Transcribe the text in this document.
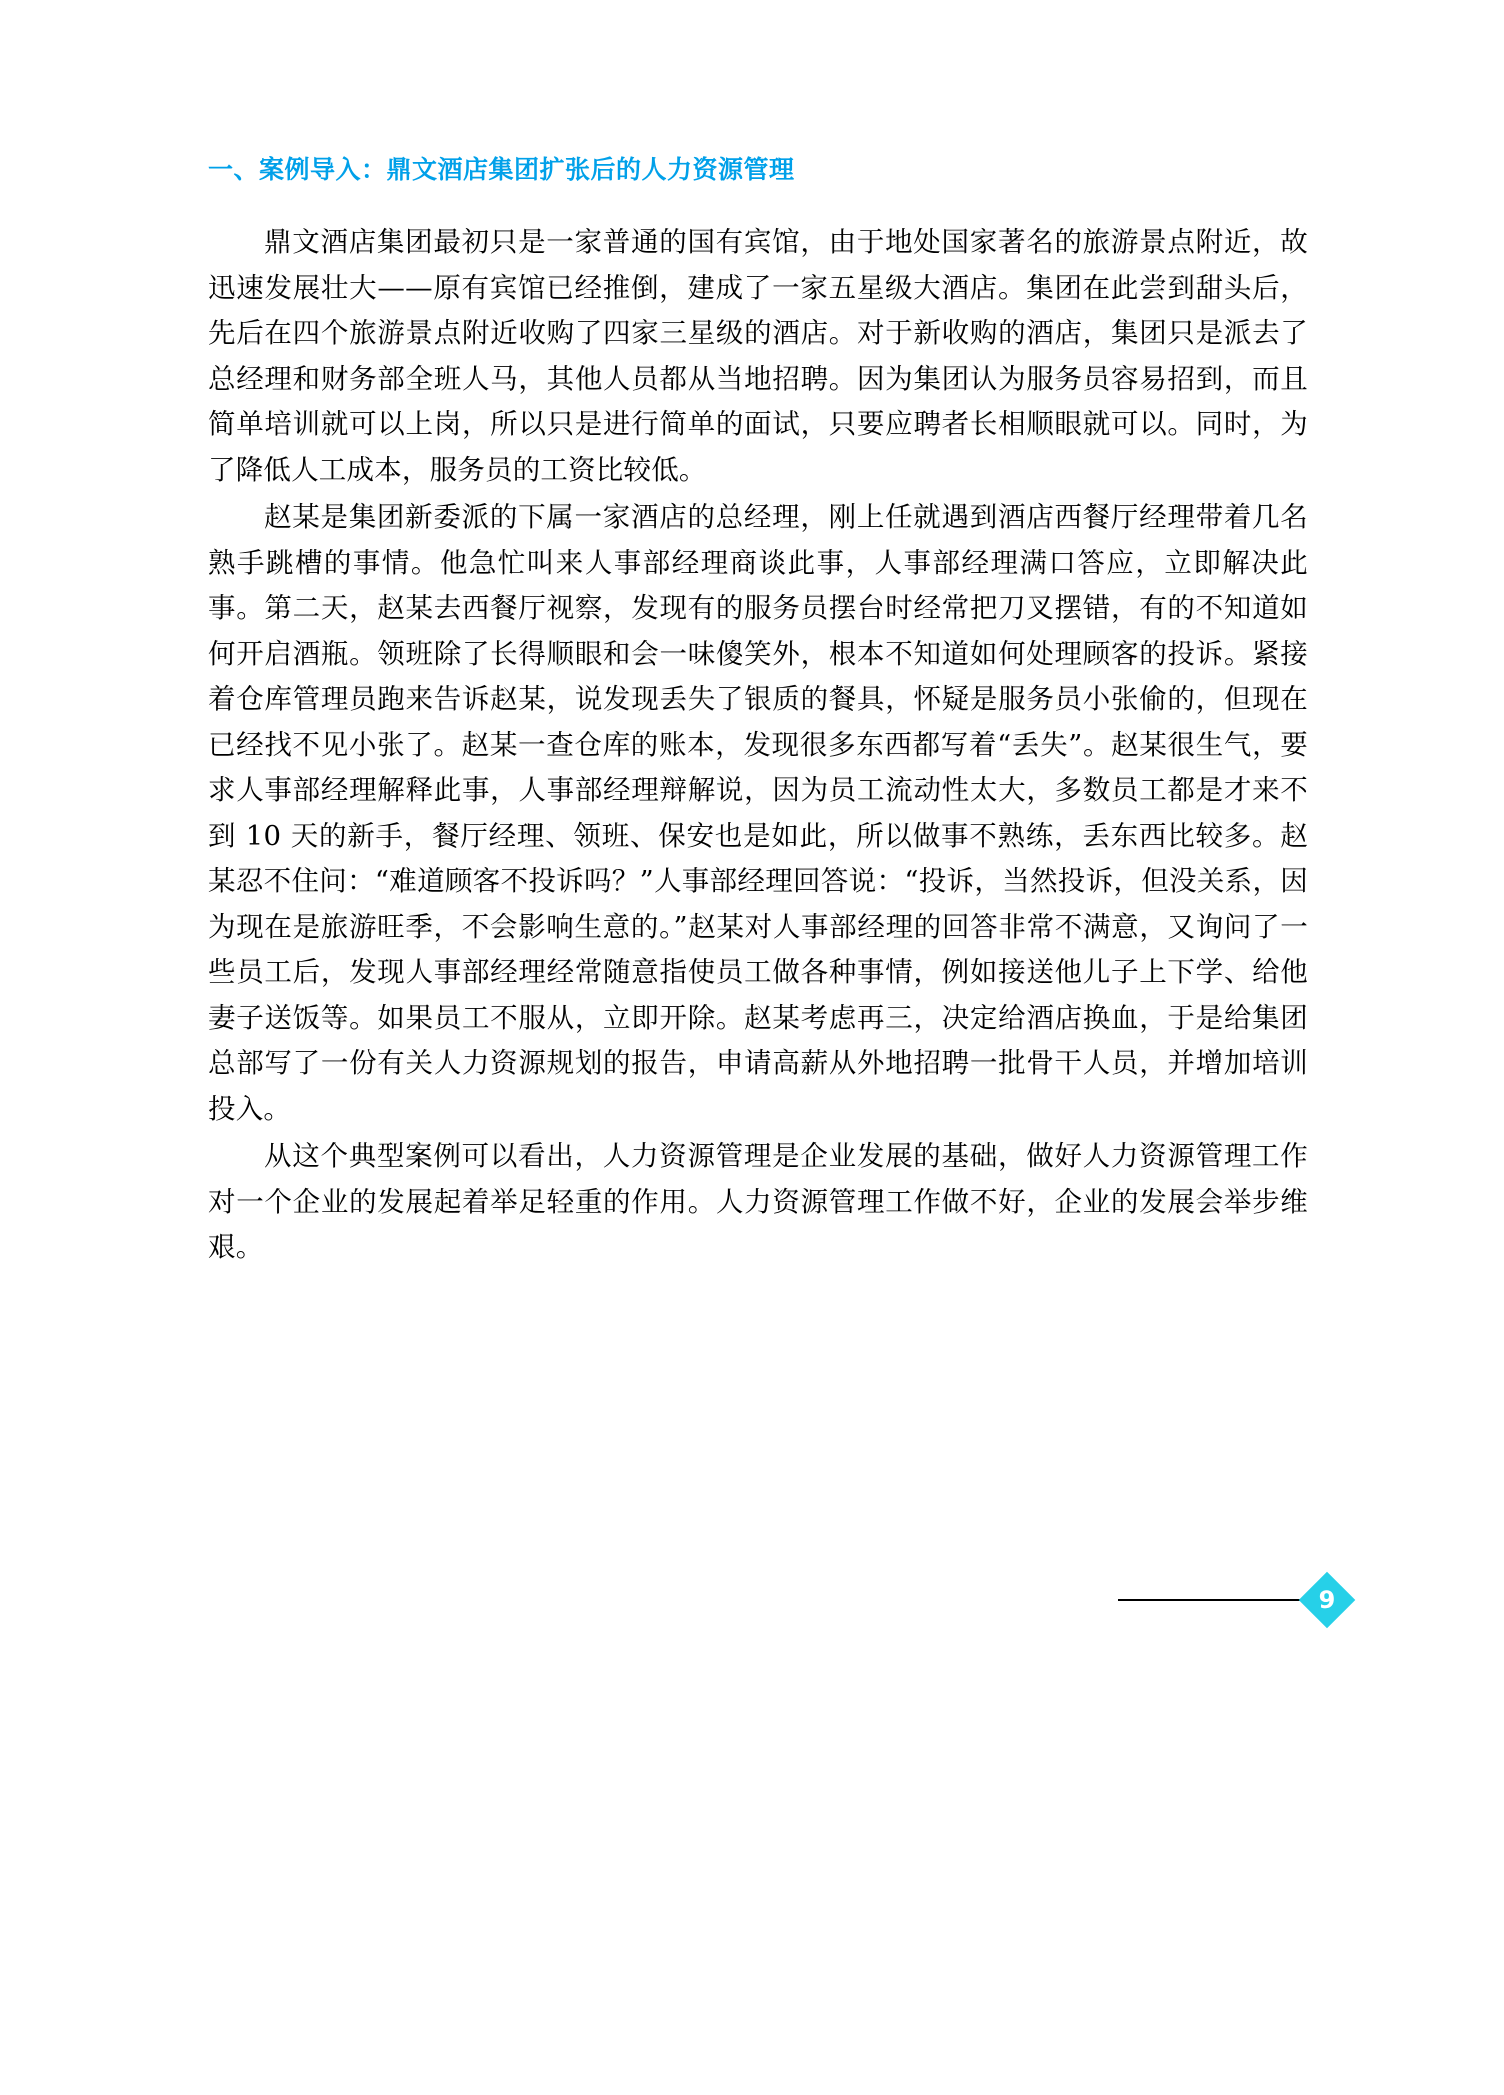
一、案例导入：鼎文酒店集团扩张后的人力资源管理

鼎文酒店集团最初只是一家普通的国有宾馆，由于地处国家著名的旅游景点附近，故迅速发展壮大——原有宾馆已经推倒，建成了一家五星级大酒店。集团在此尝到甜头后，先后在四个旅游景点附近收购了四家三星级的酒店。对于新收购的酒店，集团只是派去了总经理和财务部全班人马，其他人员都从当地招聘。因为集团认为服务员容易招到，而且简单培训就可以上岗，所以只是进行简单的面试，只要应聘者长相顺眼就可以。同时，为了降低人工成本，服务员的工资比较低。

赵某是集团新委派的下属一家酒店的总经理，刚上任就遇到酒店西餐厅经理带着几名熟手跳槽的事情。他急忙叫来人事部经理商谈此事，人事部经理满口答应，立即解决此事。第二天，赵某去西餐厅视察，发现有的服务员摆台时经常把刀叉摆错，有的不知道如何开启酒瓶。领班除了长得顺眼和会一味傻笑外，根本不知道如何处理顾客的投诉。紧接着仓库管理员跑来告诉赵某，说发现丢失了银质的餐具，怀疑是服务员小张偷的，但现在已经找不见小张了。赵某一查仓库的账本，发现很多东西都写着“丢失”。赵某很生气，要求人事部经理解释此事，人事部经理辩解说，因为员工流动性太大，多数员工都是才来不到 10 天的新手，餐厅经理、领班、保安也是如此，所以做事不熟练，丢东西比较多。赵某忍不住问：“难道顾客不投诉吗？”人事部经理回答说：“投诉，当然投诉，但没关系，因为现在是旅游旺季，不会影响生意的。”赵某对人事部经理的回答非常不满意，又询问了一些员工后，发现人事部经理经常随意指使员工做各种事情，例如接送他儿子上下学、给他妻子送饭等。如果员工不服从，立即开除。赵某考虑再三，决定给酒店换血，于是给集团总部写了一份有关人力资源规划的报告，申请高薪从外地招聘一批骨干人员，并增加培训投入。

从这个典型案例可以看出，人力资源管理是企业发展的基础，做好人力资源管理工作对一个企业的发展起着举足轻重的作用。人力资源管理工作做不好，企业的发展会举步维艰。

9
